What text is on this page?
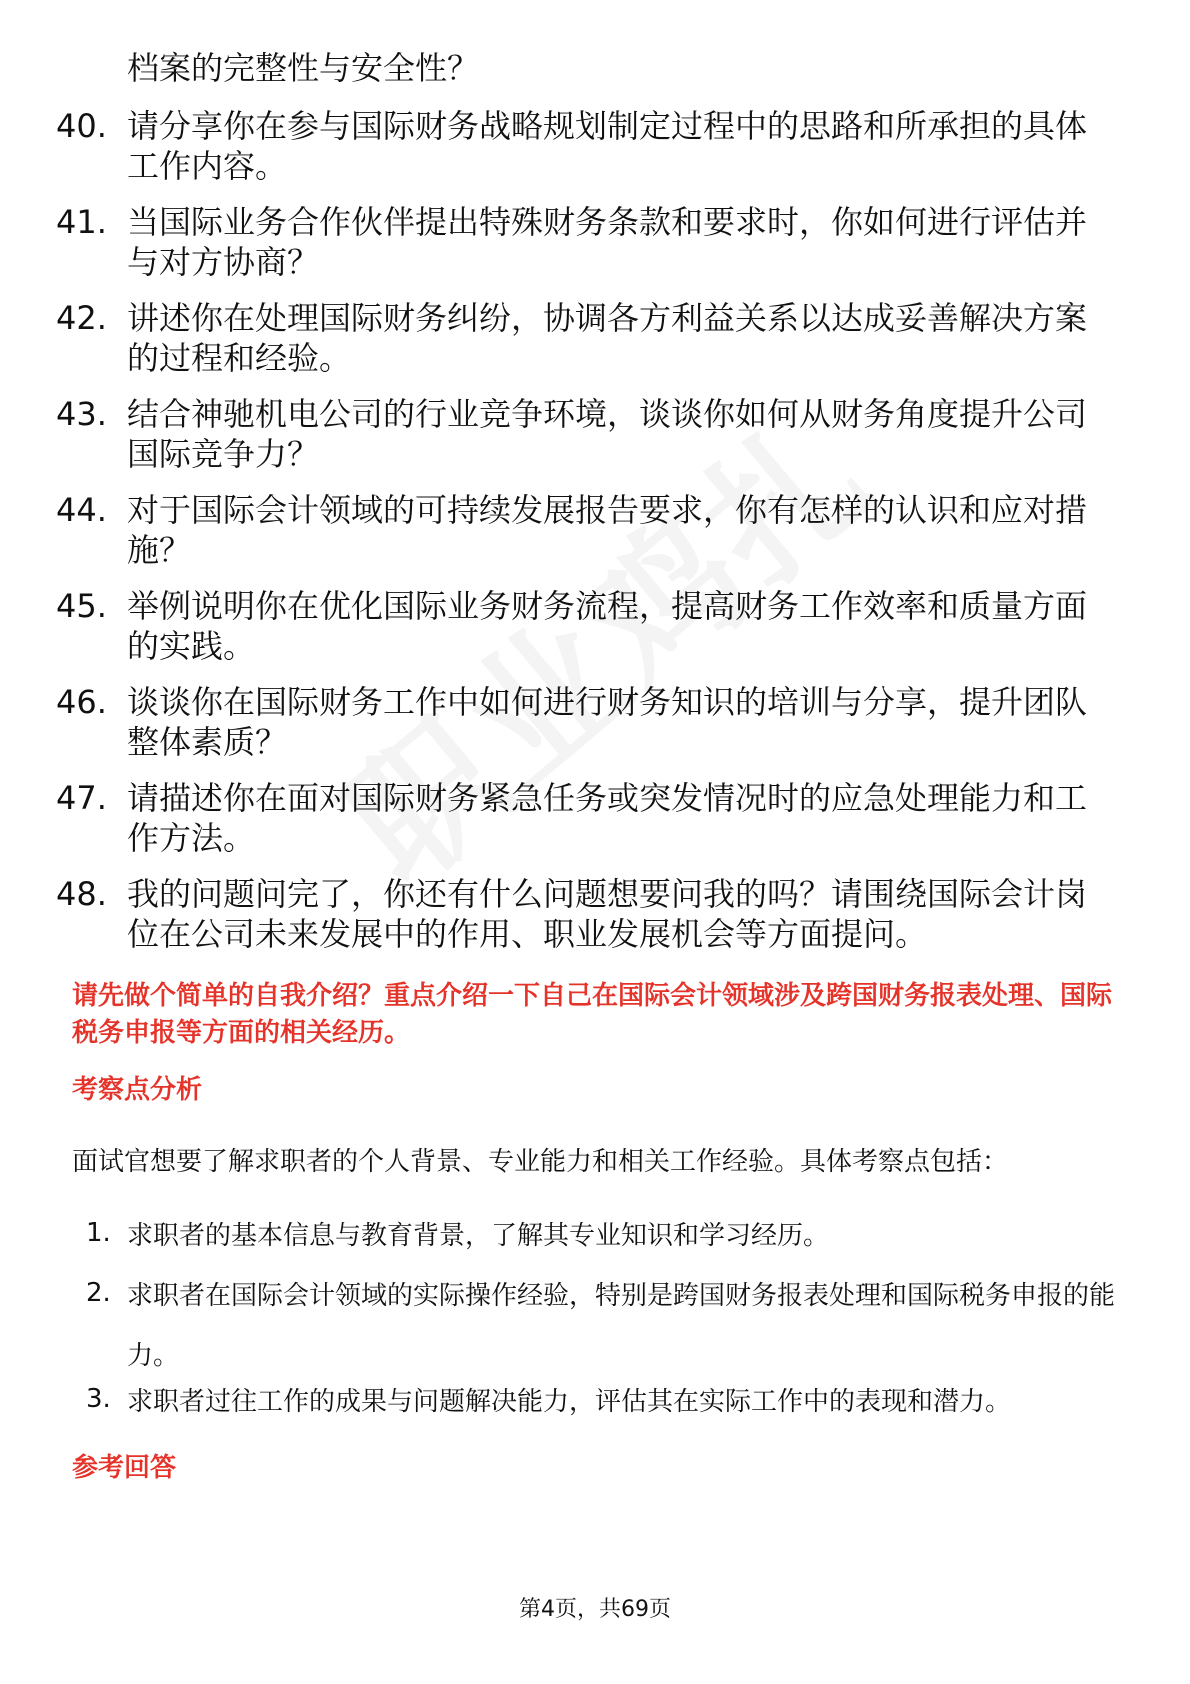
档案的完整性与安全性？
40. 请分享你在参与国际财务战略规划制定过程中的思路和所承担的具体工作内容。
41. 当国际业务合作伙伴提出特殊财务条款和要求时，你如何进行评估并与对方协商？
42. 讲述你在处理国际财务纠纷，协调各方利益关系以达成妥善解决方案的过程和经验。
43. 结合神驰机电公司的行业竞争环境，谈谈你如何从财务角度提升公司国际竞争力？
44. 对于国际会计领域的可持续发展报告要求，你有怎样的认识和应对措施？
45. 举例说明你在优化国际业务财务流程，提高财务工作效率和质量方面的实践。
46. 谈谈你在国际财务工作中如何进行财务知识的培训与分享，提升团队整体素质？
47. 请描述你在面对国际财务紧急任务或突发情况时的应急处理能力和工作方法。
48. 我的问题问完了，你还有什么问题想要问我的吗？请围绕国际会计岗位在公司未来发展中的作用、职业发展机会等方面提问。
请先做个简单的自我介绍？重点介绍一下自己在国际会计领域涉及跨国财务报表处理、国际税务申报等方面的相关经历。
考察点分析
面试官想要了解求职者的个人背景、专业能力和相关工作经验。具体考察点包括：
1. 求职者的基本信息与教育背景，了解其专业知识和学习经历。
2. 求职者在国际会计领域的实际操作经验，特别是跨国财务报表处理和国际税务申报的能力。
3. 求职者过往工作的成果与问题解决能力，评估其在实际工作中的表现和潜力。
参考回答
第4页，共69页
